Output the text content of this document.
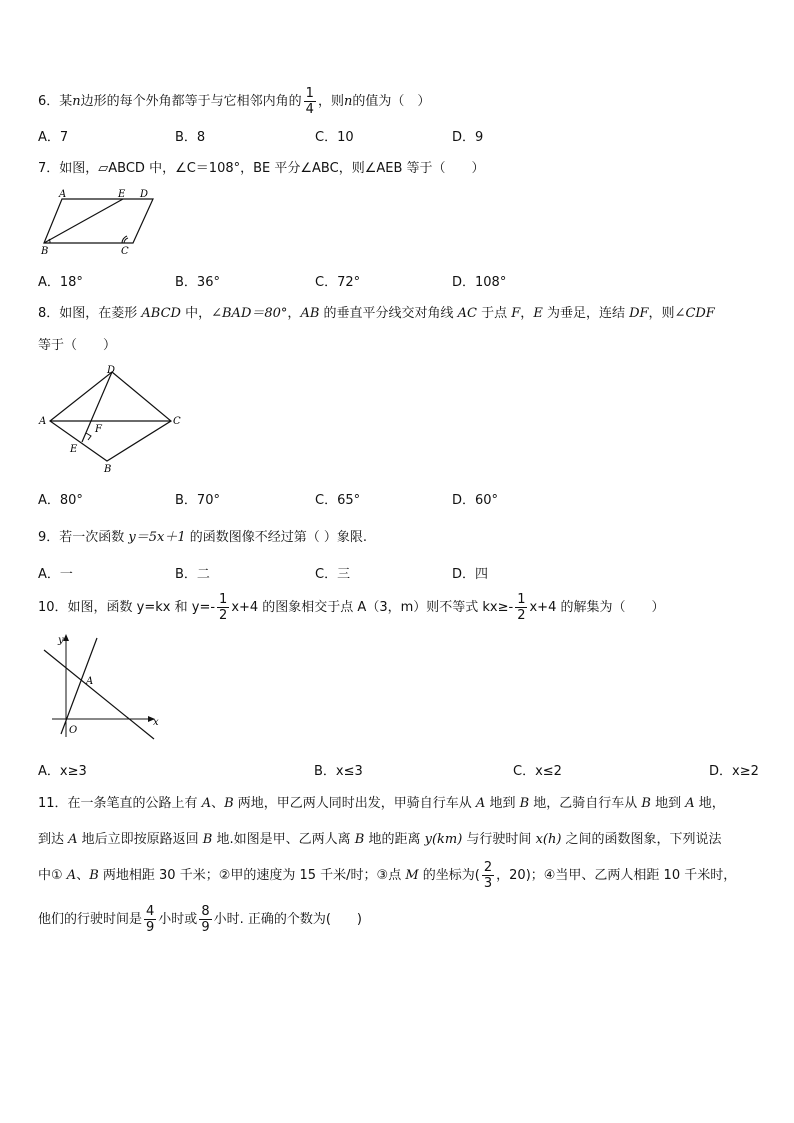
6．某n边形的每个外角都等于与它相邻内角的 $\frac{1}{4}$ ，则n的值为（　）
A．7	B．8	C．10	D．9
7．如图，▱ABCD 中，∠C＝108°，BE 平分∠ABC，则∠AEB 等于（　　）
A	E D
B	C
A．18°	B．36°	C．72°	D．108°
8．如图，在菱形 ABCD 中，∠BAD＝80°，AB 的垂直平分线交对角线 AC 于点 F，E 为垂足，连结 DF，则∠CDF
等于（　　）
D
A	C
F
E
B
A．80°	B．70°	C．65°	D．60°
9．若一次函数 y＝5x＋1 的函数图像不经过第（ ）象限.
A．一	B．二	C．三	D．四
10．如图，函数 y=kx 和 $y=- \frac{1}{2} x+4$ 的图象相交于点 A（3，m）则不等式 $kx\ge- \frac{1}{2} x+4$ 的解集为（　　）
y
x
A
O
A．x≥3	B．x≤3	C．x≤2	D．x≥2
11．在一条笔直的公路上有 A、B 两地，甲乙两人同时出发，甲骑自行车从 A 地到 B 地，乙骑自行车从 B 地到 A 地，
到达 A 地后立即按原路返回 B 地.如图是甲、乙两人离 B 地的距离 y(km) 与行驶时间 x(h) 之间的函数图象，下列说法
中① A、B 两地相距 30 千米；②甲的速度为 15 千米/时；③点 M 的坐标为( $\frac{2}{3}$ ，20)；④当甲、乙两人相距 10 千米时，
他们的行驶时间是 $\frac{4}{9}$ 小时或 $\frac{8}{9}$ 小时. 正确的个数为(　　)
